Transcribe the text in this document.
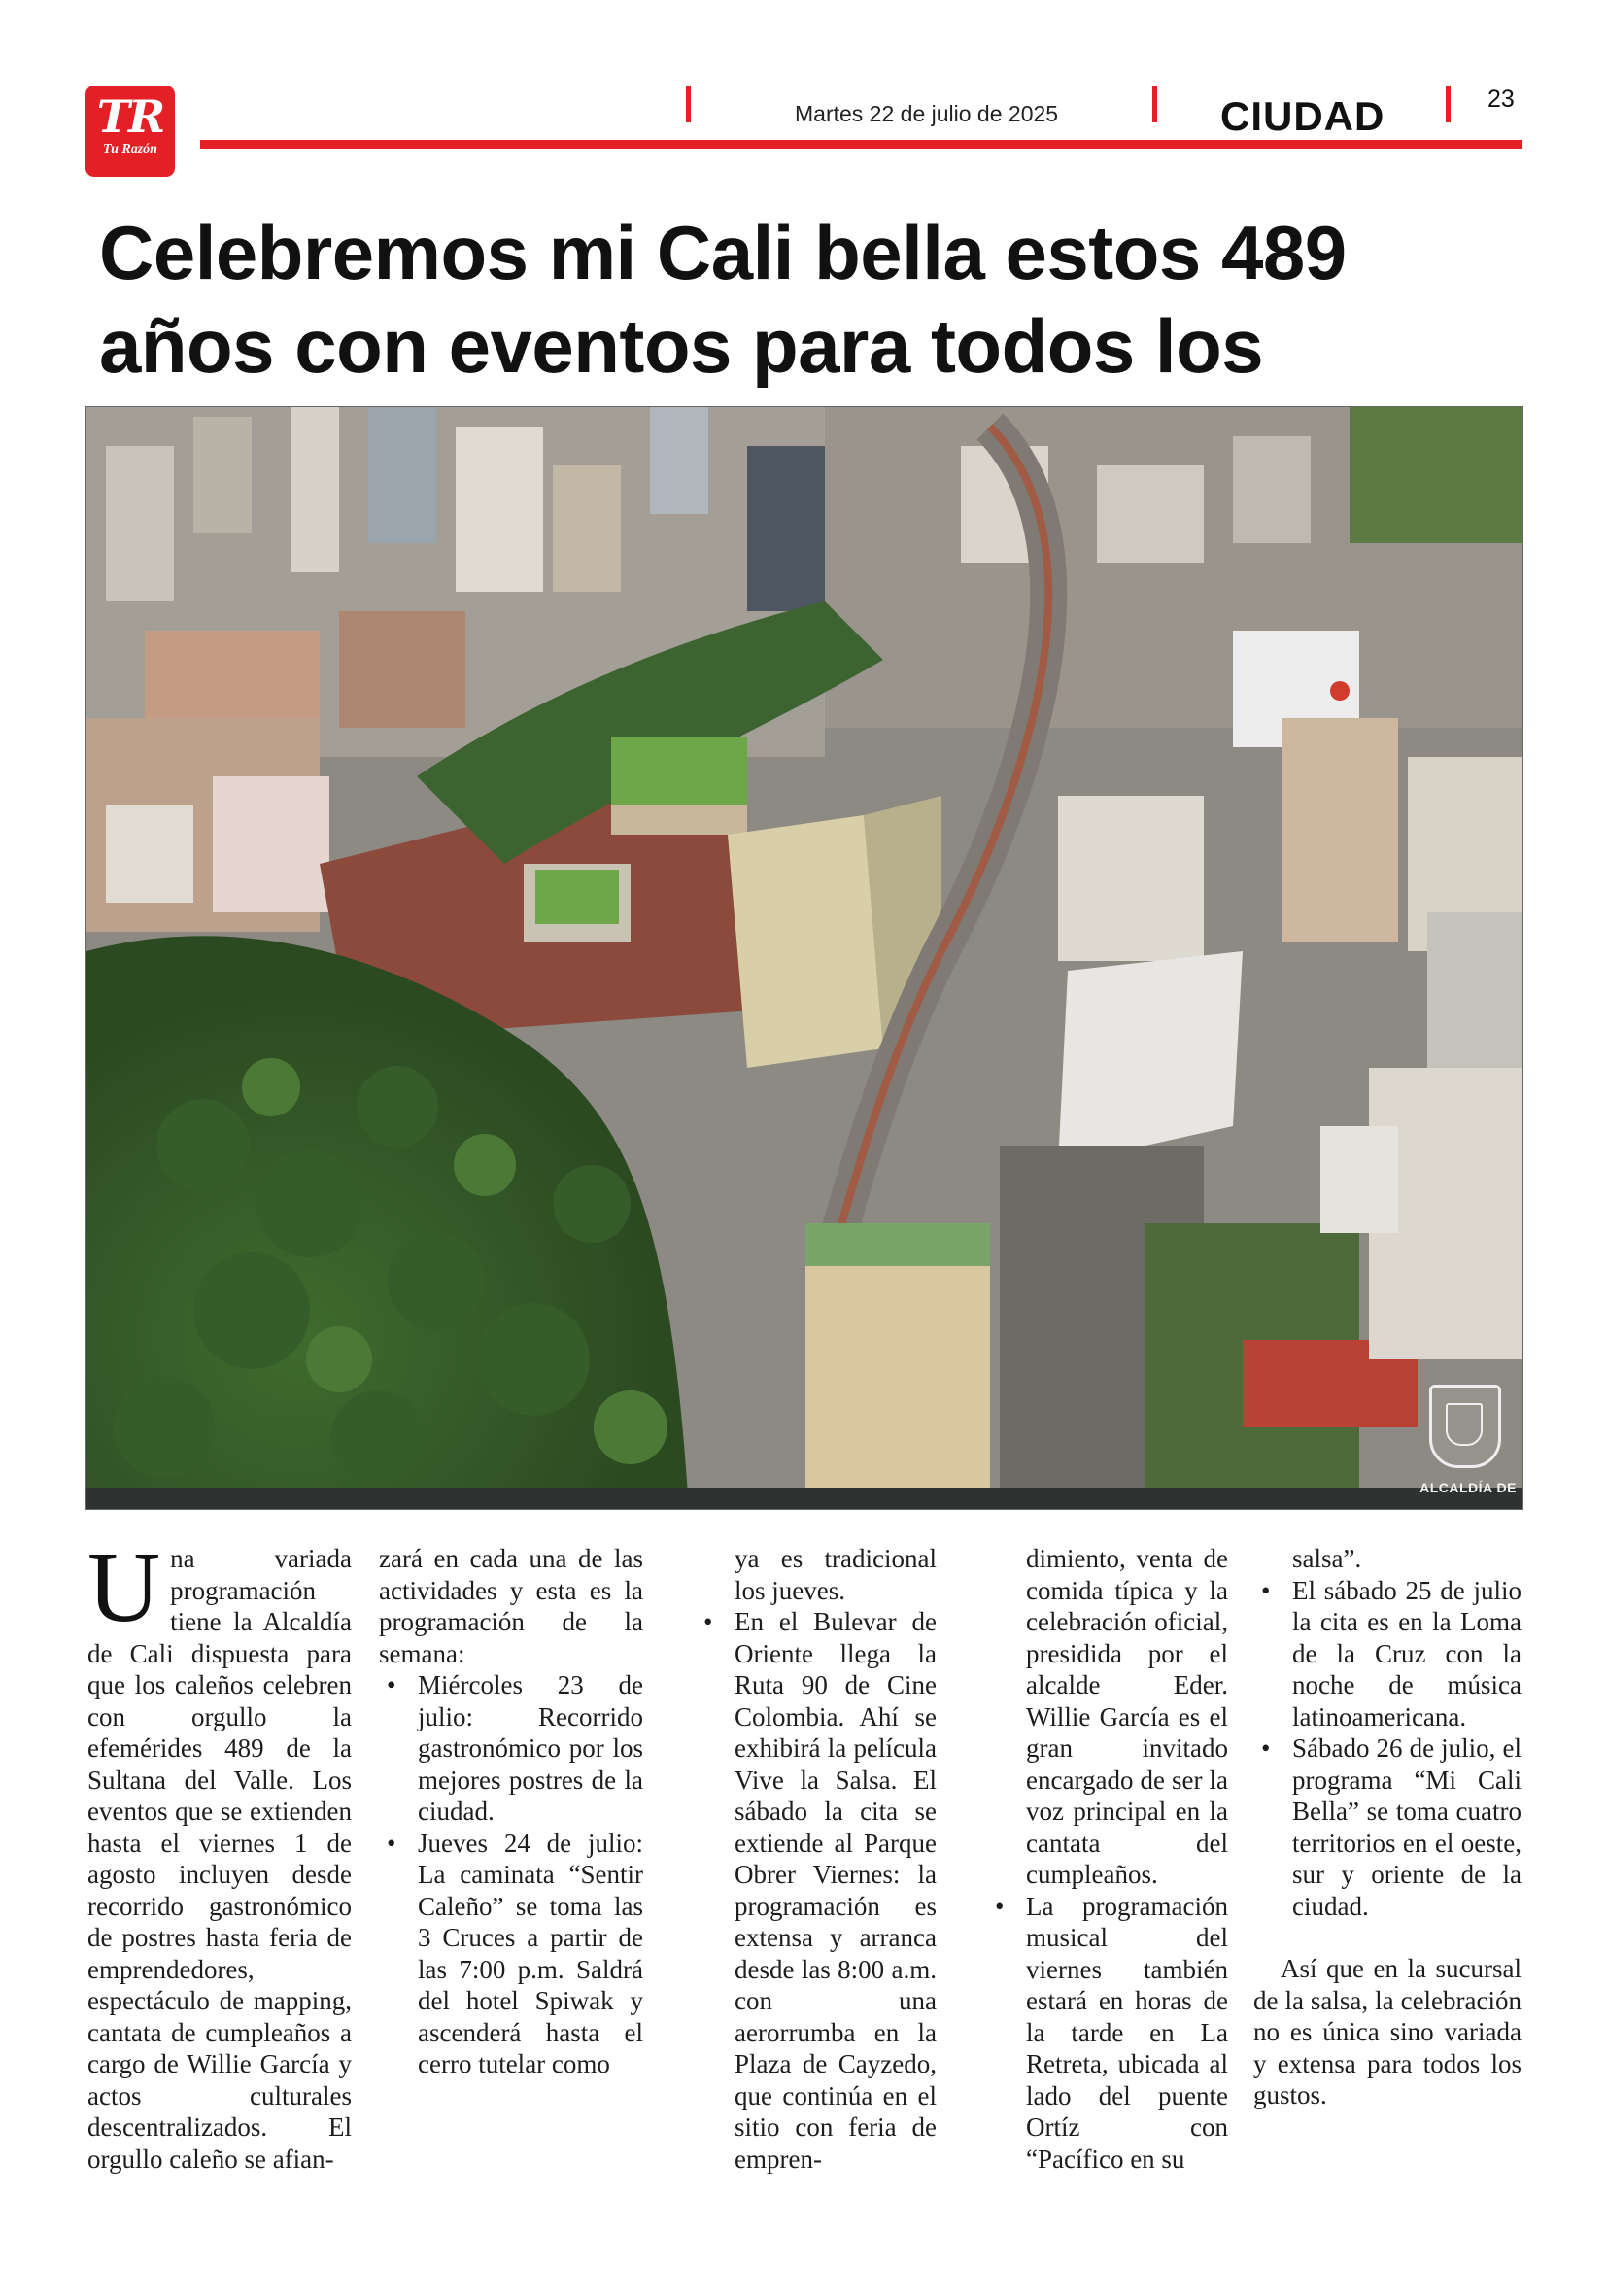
TR
Tu Razón
Martes 22 de julio de 2025	CIUDAD	23
Celebremos mi Cali bella estos 489 años con eventos para todos los
ALCALDÍA DE

Una variada programación tiene la Alcaldía de Cali dispuesta para que los caleños celebren con orgullo la efemérides 489 de la Sultana del Valle. Los eventos que se extienden hasta el viernes 1 de agosto incluyen desde recorrido gastronómico de postres hasta feria de emprendedores, espectáculo de mapping, cantata de cumpleaños a cargo de Willie García y actos culturales descentralizados. El orgullo caleño se afian-

zará en cada una de las actividades y esta es la programación de la semana:

• Miércoles 23 de julio: Recorrido gastronómico por los mejores postres de la ciudad.
• Jueves 24 de julio: La caminata “Sentir Caleño” se toma las 3 Cruces a partir de las 7:00 p.m. Saldrá del hotel Spiwak y ascenderá hasta el cerro tutelar como

ya es tradicional los jueves.

• En el Bulevar de Oriente llega la Ruta 90 de Cine Colombia. Ahí se exhibirá la película Vive la Salsa. El sábado la cita se extiende al Parque Obrer Viernes: la programación es extensa y arranca desde las 8:00 a.m. con una aerorrumba en la Plaza de Cayzedo, que continúa en el sitio con feria de empren-

dimiento, venta de comida típica y la celebración oficial, presidida por el alcalde Eder. Willie García es el gran invitado encargado de ser la voz principal en la cantata del cumpleaños.

• La programación musical del viernes también estará en horas de la tarde en La Retreta, ubicada al lado del puente Ortíz con “Pacífico en su

salsa”.

• El sábado 25 de julio la cita es en la Loma de la Cruz con la noche de música latinoamericana.
• Sábado 26 de julio, el programa “Mi Cali Bella” se toma cuatro territorios en el oeste, sur y oriente de la ciudad.

Así que en la sucursal de la salsa, la celebración no es única sino variada y extensa para todos los gustos.
